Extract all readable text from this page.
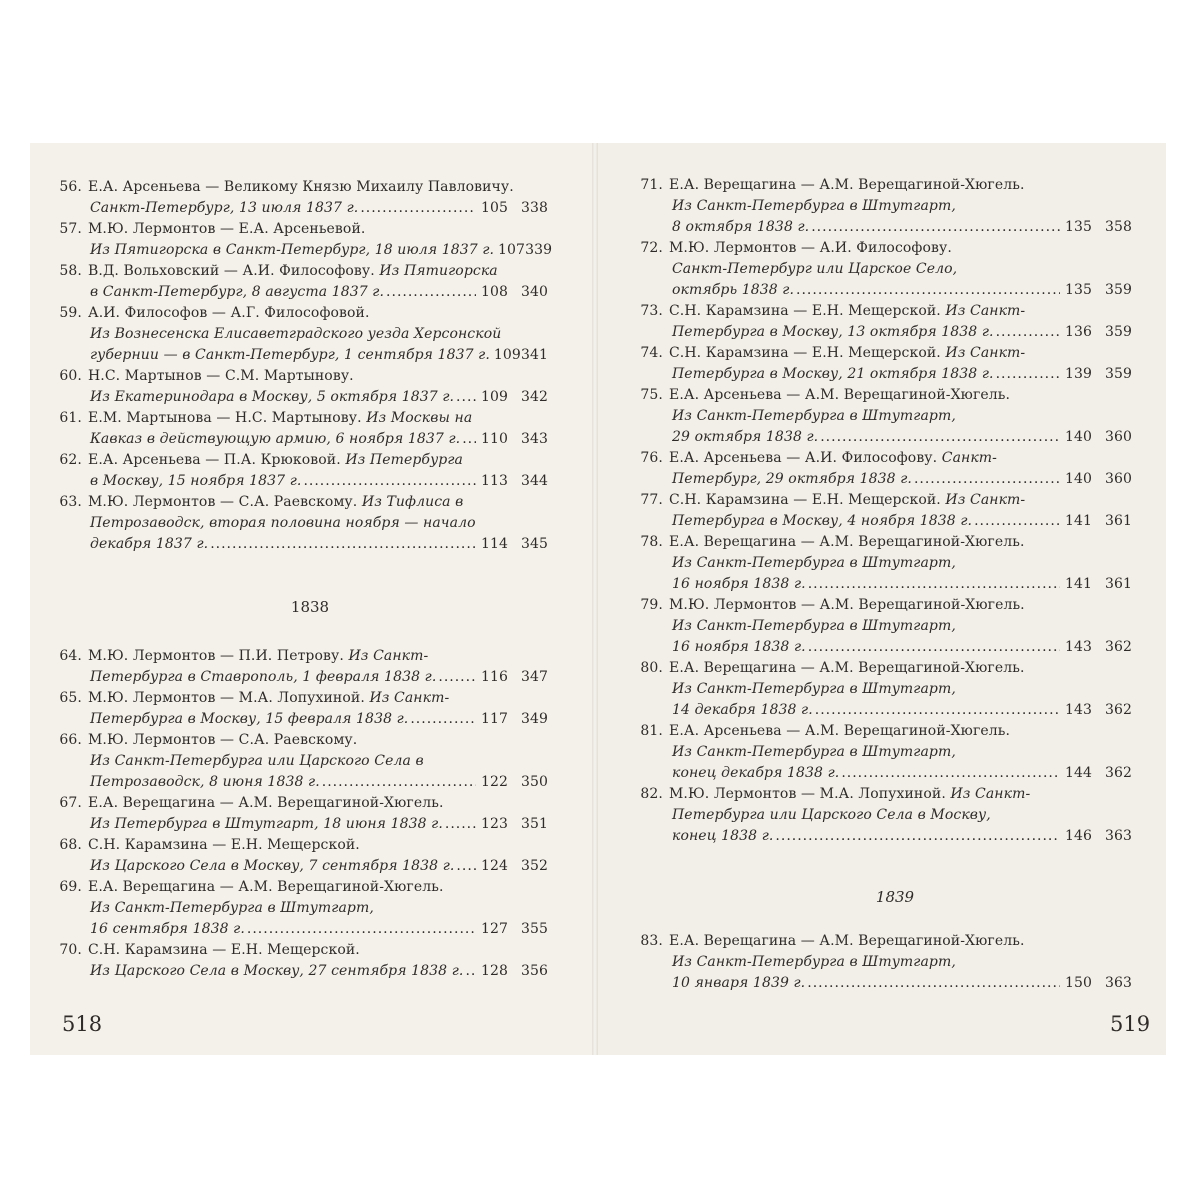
56. Е.А. Арсеньева — Великому Князю Михаилу Павловичу.
Санкт-Петербург, 13 июля 1837 г. .....	105 338
57. М.Ю. Лермонтов — Е.А. Арсеньевой.
Из Пятигорска в Санкт-Петербург, 18 июля 1837 г. 107 339
58. В.Д. Вольховский — А.И. Философову. Из Пятигорска
в Санкт-Петербург, 8 августа 1837 г. .....	108 340
59. А.И. Философов — А.Г. Философовой.
Из Вознесенска Елисаветградского уезда Херсонской
губернии — в Санкт-Петербург, 1 сентября 1837 г. 109 341
60. Н.С. Мартынов — С.М. Мартынову.
Из Екатеринодара в Москву, 5 октября 1837 г. ..... 109 342
61. Е.М. Мартынова — Н.С. Мартынову. Из Москвы на
Кавказ в действующую армию, 6 ноября 1837 г. ..... 110 343
62. Е.А. Арсеньева — П.А. Крюковой. Из Петербурга
в Москву, 15 ноября 1837 г. .....	113 344
63. М.Ю. Лермонтов — С.А. Раевскому. Из Тифлиса в
Петрозаводск, вторая половина ноября — начало
декабря 1837 г. .....	114 345
64. М.Ю. Лермонтов — П.И. Петрову. Из Санкт-
Петербурга в Ставрополь, 1 февраля 1838 г. .....	116 347
65. М.Ю. Лермонтов — М.А. Лопухиной. Из Санкт-
Петербурга в Москву, 15 февраля 1838 г. .....	117 349
66. М.Ю. Лермонтов — С.А. Раевскому.
Из Санкт-Петербурга или Царского Села в
Петрозаводск, 8 июня 1838 г. .....	122 350
67. Е.А. Верещагина — А.М. Верещагиной-Хюгель.
Из Петербурга в Штутгарт, 18 июня 1838 г. .....	123 351
68. С.Н. Карамзина — Е.Н. Мещерской.
Из Царского Села в Москву, 7 сентября 1838 г. ..... 124 352
69. Е.А. Верещагина — А.М. Верещагиной-Хюгель.
Из Санкт-Петербурга в Штутгарт,
16 сентября 1838 г. .....	127 355
70. С.Н. Карамзина — Е.Н. Мещерской.
Из Царского Села в Москву, 27 сентября 1838 г. ..... 128 356
71. Е.А. Верещагина — А.М. Верещагиной-Хюгель.
Из Санкт-Петербурга в Штутгарт,
8 октября 1838 г. .....	135 358
72. М.Ю. Лермонтов — А.И. Философову.
Санкт-Петербург или Царское Село,
октябрь 1838 г. .....	135 359
73. С.Н. Карамзина — Е.Н. Мещерской. Из Санкт-
Петербурга в Москву, 13 октября 1838 г. .....	136 359
74. С.Н. Карамзина — Е.Н. Мещерской. Из Санкт-
Петербурга в Москву, 21 октября 1838 г. .....	139 359
75. Е.А. Арсеньева — А.М. Верещагиной-Хюгель.
Из Санкт-Петербурга в Штутгарт,
29 октября 1838 г. .....	140 360
76. Е.А. Арсеньева — А.И. Философову. Санкт-
Петербург, 29 октября 1838 г. .....	140 360
77. С.Н. Карамзина — Е.Н. Мещерской. Из Санкт-
Петербурга в Москву, 4 ноября 1838 г. .....	141 361
78. Е.А. Верещагина — А.М. Верещагиной-Хюгель.
Из Санкт-Петербурга в Штутгарт,
16 ноября 1838 г. .....	141 361
79. М.Ю. Лермонтов — А.М. Верещагиной-Хюгель.
Из Санкт-Петербурга в Штутгарт,
16 ноября 1838 г. .....	143 362
80. Е.А. Верещагина — А.М. Верещагиной-Хюгель.
Из Санкт-Петербурга в Штутгарт,
14 декабря 1838 г. .....	143 362
81. Е.А. Арсеньева — А.М. Верещагиной-Хюгель.
Из Санкт-Петербурга в Штутгарт,
конец декабря 1838 г. .....	144 362
82. М.Ю. Лермонтов — М.А. Лопухиной. Из Санкт-
Петербурга или Царского Села в Москву,
конец 1838 г. .....	146 363
83. Е.А. Верещагина — А.М. Верещагиной-Хюгель.
Из Санкт-Петербурга в Штутгарт,
10 января 1839 г. .....	150 363
1838
1839
518	519
